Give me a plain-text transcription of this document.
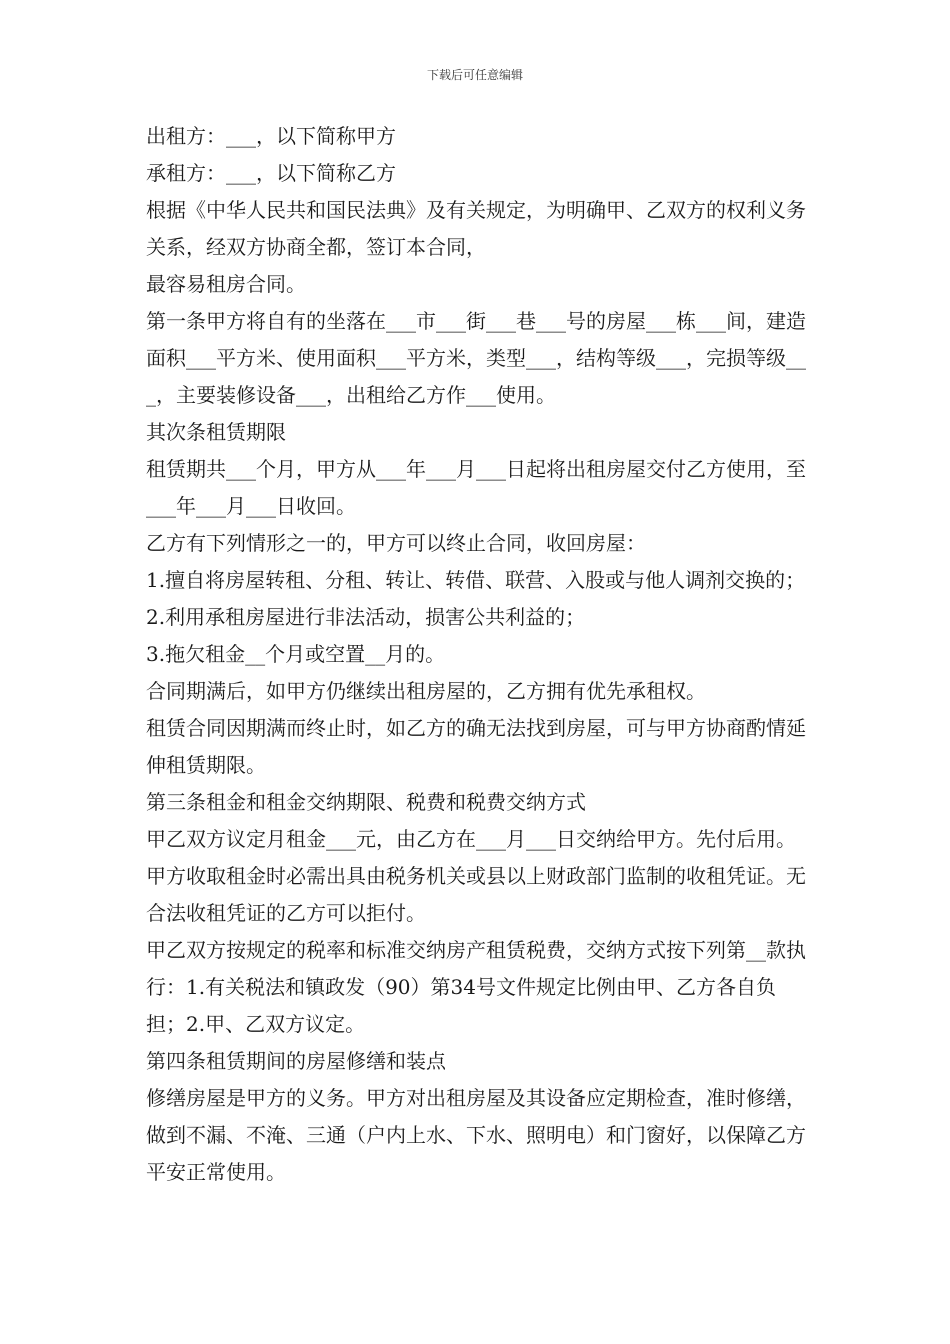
下载后可任意编辑

出租方：___，以下简称甲方

承租方：___，以下简称乙方

根据《中华人民共和国民法典》及有关规定，为明确甲、乙双方的权利义务关系，经双方协商全都，签订本合同，

最容易租房合同。

第一条甲方将自有的坐落在___市___街___巷___号的房屋___栋___间，建造面积___平方米、使用面积___平方米，类型___，结构等级___，完损等级___，主要装修设备___，出租给乙方作___使用。

其次条租赁期限

租赁期共___个月，甲方从___年___月___日起将出租房屋交付乙方使用，至___年___月___日收回。

乙方有下列情形之一的，甲方可以终止合同，收回房屋：

1.擅自将房屋转租、分租、转让、转借、联营、入股或与他人调剂交换的；

2.利用承租房屋进行非法活动，损害公共利益的；

3.拖欠租金__个月或空置__月的。

合同期满后，如甲方仍继续出租房屋的，乙方拥有优先承租权。

租赁合同因期满而终止时，如乙方的确无法找到房屋，可与甲方协商酌情延伸租赁期限。

第三条租金和租金交纳期限、税费和税费交纳方式

甲乙双方议定月租金___元，由乙方在___月___日交纳给甲方。先付后用。甲方收取租金时必需出具由税务机关或县以上财政部门监制的收租凭证。无合法收租凭证的乙方可以拒付。

甲乙双方按规定的税率和标准交纳房产租赁税费，交纳方式按下列第__款执行：1.有关税法和镇政发（90）第34号文件规定比例由甲、乙方各自负担；2.甲、乙双方议定。

第四条租赁期间的房屋修缮和装点

修缮房屋是甲方的义务。甲方对出租房屋及其设备应定期检查，准时修缮，做到不漏、不淹、三通（户内上水、下水、照明电）和门窗好，以保障乙方平安正常使用。
